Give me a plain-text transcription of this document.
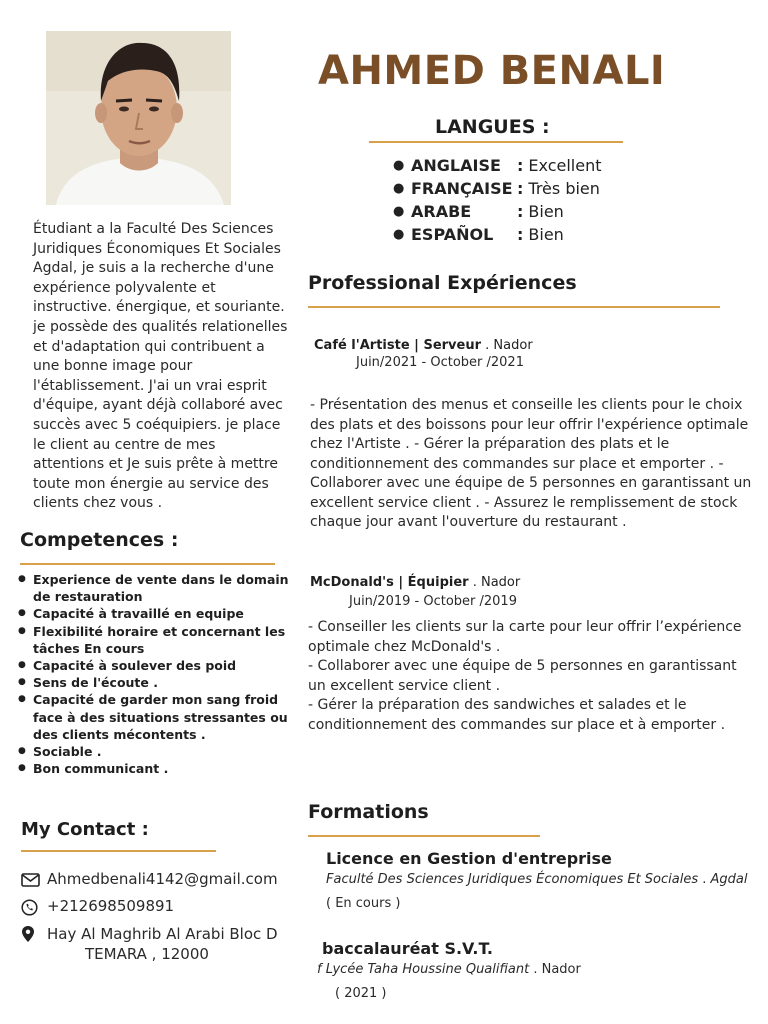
AHMED BENALI
Étudiant a la Faculté Des Sciences Juridiques Économiques Et Sociales Agdal, je suis a la recherche d'une expérience polyvalente et instructive. énergique, et souriante. je possède des qualités relationelles et d'adaptation qui contribuent a une bonne image pour l'établissement. J'ai un vrai esprit d'équipe, ayant déjà collaboré avec succès avec 5 coéquipiers. je place le client au centre de mes attentions et Je suis prête à mettre toute mon énergie au service des clients chez vous .
LANGUES :
● ANGLAISE	: Excellent
● FRANÇAISE : Très bien
● ARABE	: Bien
● ESPAÑOL	: Bien
Competences :
● Experience de vente dans le domain de restauration
● Capacité à travaillé en equipe
● Flexibilité horaire et concernant les tâches En cours
● Capacité à soulever des poid
● Sens de l'écoute .
● Capacité de garder mon sang froid face à des situations stressantes ou des clients mécontents .
● Sociable .
● Bon communicant .
My Contact :
Ahmedbenali4142@gmail.com
+212698509891
Hay Al Maghrib Al Arabi Bloc D
TEMARA , 12000
Professional Expériences
Café l'Artiste | Serveur . Nador
Juin/2021 - October /2021
- Présentation des menus et conseille les clients pour le choix des plats et des boissons pour leur offrir l'expérience optimale chez l'Artiste . - Gérer la préparation des plats et le conditionnement des commandes sur place et emporter . - Collaborer avec une équipe de 5 personnes en garantissant un excellent service client . - Assurez le remplissement de stock chaque jour avant l'ouverture du restaurant .
McDonald's | Équipier . Nador
Juin/2019 - October /2019
- Conseiller les clients sur la carte pour leur offrir l’expérience optimale chez McDonald's .
- Collaborer avec une équipe de 5 personnes en garantissant un excellent service client .
- Gérer la préparation des sandwiches et salades et le conditionnement des commandes sur place et à emporter .
Formations
Licence en Gestion d'entreprise
Faculté Des Sciences Juridiques Économiques Et Sociales . Agdal
( En cours )
baccalauréat S.V.T.
f Lycée Taha Houssine Qualifiant . Nador
( 2021 )
